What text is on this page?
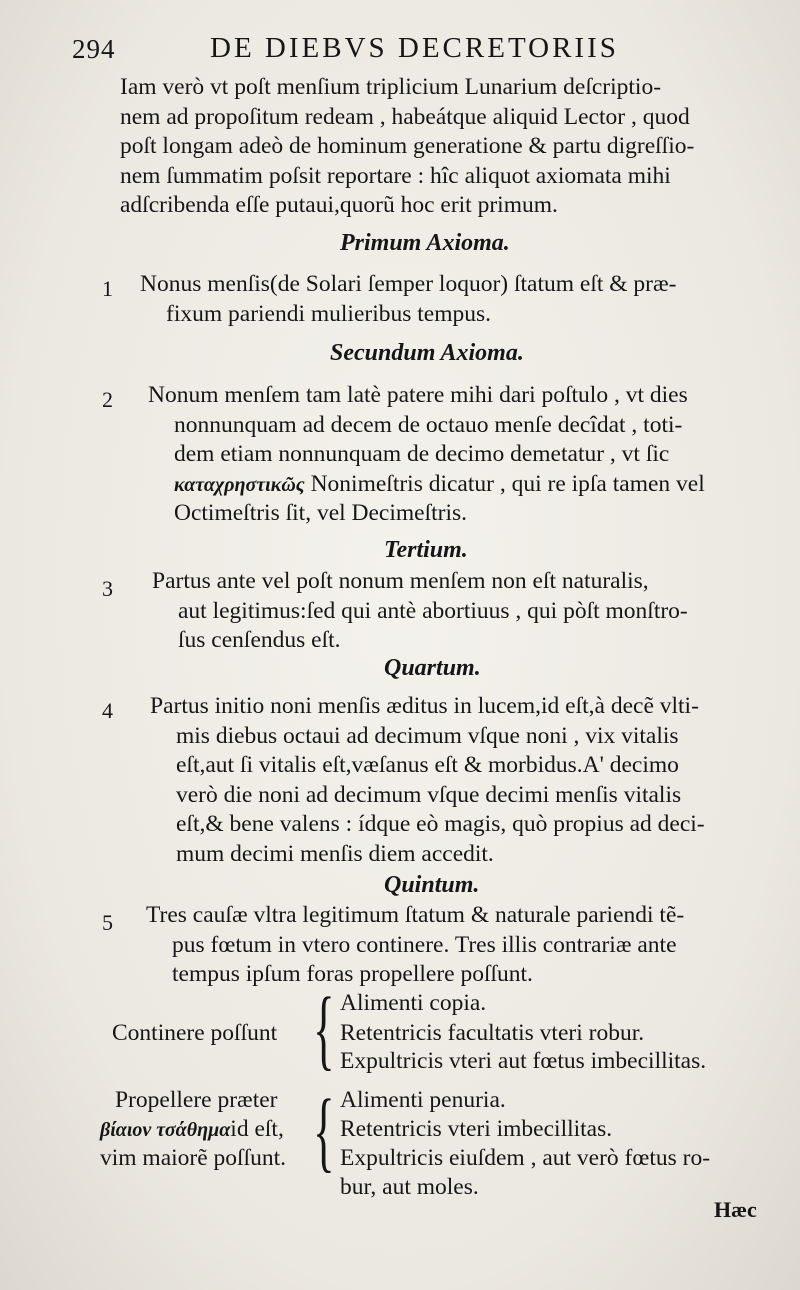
294	DE DIEBVS DECRETORIIS
Iam verò vt poſt menſium triplicium Lunarium deſcriptio-
nem ad propoſitum redeam , habeátque aliquid Lector , quod
poſt longam adeò de hominum generatione & partu digreſſio-
nem ſummatim poſsit reportare : hîc aliquot axiomata mihi
adſcribenda eſſe putaui,quorũ hoc erit primum.
Primum Axioma.
1 Nonus menſis(de Solari ſemper loquor) ſtatum eſt & præ-
fixum pariendi mulieribus tempus.
Secundum Axioma.
2 Nonum menſem tam latè patere mihi dari poſtulo , vt dies
nonnunquam ad decem de octauo menſe decîdat , toti-
dem etiam nonnunquam de decimo demetatur , vt ſic
καταχρηστικῶς Nonimeſtris dicatur , qui re ipſa tamen vel
Octimeſtris ſit, vel Decimeſtris.
Tertium.
3 Partus ante vel poſt nonum menſem non eſt naturalis,
aut legitimus:ſed qui antè abortiuus , qui pòſt monſtro-
ſus cenſendus eſt.
Quartum.
4 Partus initio noni menſis æditus in lucem,id eſt,à decẽ vlti-
mis diebus octaui ad decimum vſque noni , vix vitalis
eſt,aut ſi vitalis eſt,væſanus eſt & morbidus.A' decimo
verò die noni ad decimum vſque decimi menſis vitalis
eſt,& bene valens : ídque eò magis, quò propius ad deci-
mum decimi menſis diem accedit.
Quintum.
5 Tres cauſæ vltra legitimum ſtatum & naturale pariendi tẽ-
pus fœtum in vtero continere. Tres illis contrariæ ante
tempus ipſum foras propellere poſſunt.
Continere poſſunt { Alimenti copia.
Retentricis facultatis vteri robur.
Expultricis vteri aut fœtus imbecillitas.
Propellere præter
βίαιον τσάθημαid eſt,
vim maiorẽ poſſunt. { Alimenti penuria.
Retentricis vteri imbecillitas.
Expultricis eiuſdem , aut verò fœtus ro-
bur, aut moles.
Hæc
